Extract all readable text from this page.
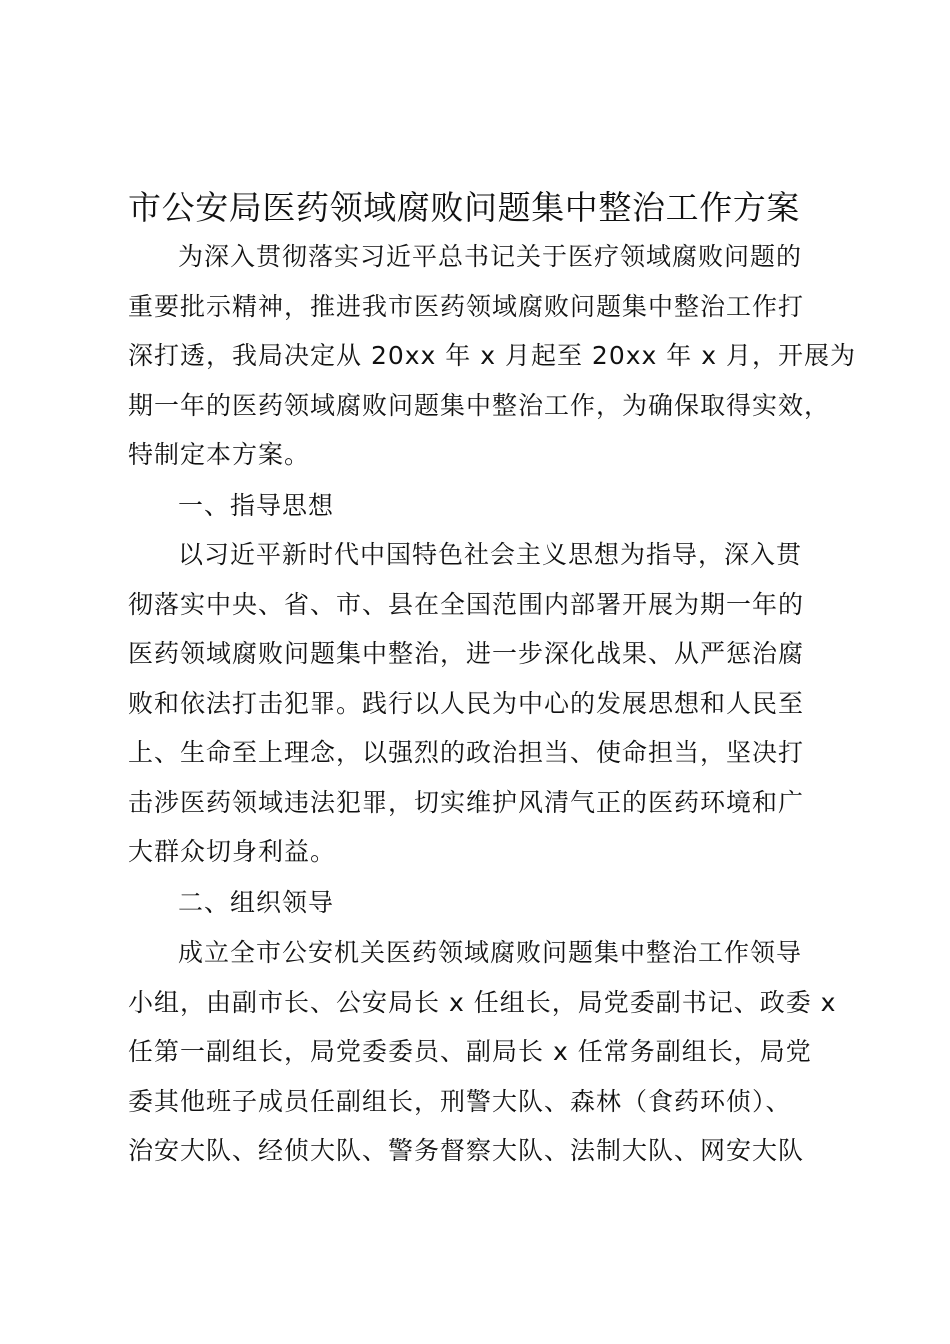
市公安局医药领域腐败问题集中整治工作方案
为深入贯彻落实习近平总书记关于医疗领域腐败问题的
重要批示精神，推进我市医药领域腐败问题集中整治工作打
深打透，我局决定从 20xx 年 x 月起至 20xx 年 x 月，开展为
期一年的医药领域腐败问题集中整治工作，为确保取得实效，
特制定本方案。
一、指导思想
以习近平新时代中国特色社会主义思想为指导，深入贯
彻落实中央、省、市、县在全国范围内部署开展为期一年的
医药领域腐败问题集中整治，进一步深化战果、从严惩治腐
败和依法打击犯罪。践行以人民为中心的发展思想和人民至
上、生命至上理念，以强烈的政治担当、使命担当，坚决打
击涉医药领域违法犯罪，切实维护风清气正的医药环境和广
大群众切身利益。
二、组织领导
成立全市公安机关医药领域腐败问题集中整治工作领导
小组，由副市长、公安局长 x 任组长，局党委副书记、政委 x
任第一副组长，局党委委员、副局长 x 任常务副组长，局党
委其他班子成员任副组长，刑警大队、森林（食药环侦）、
治安大队、经侦大队、警务督察大队、法制大队、网安大队
